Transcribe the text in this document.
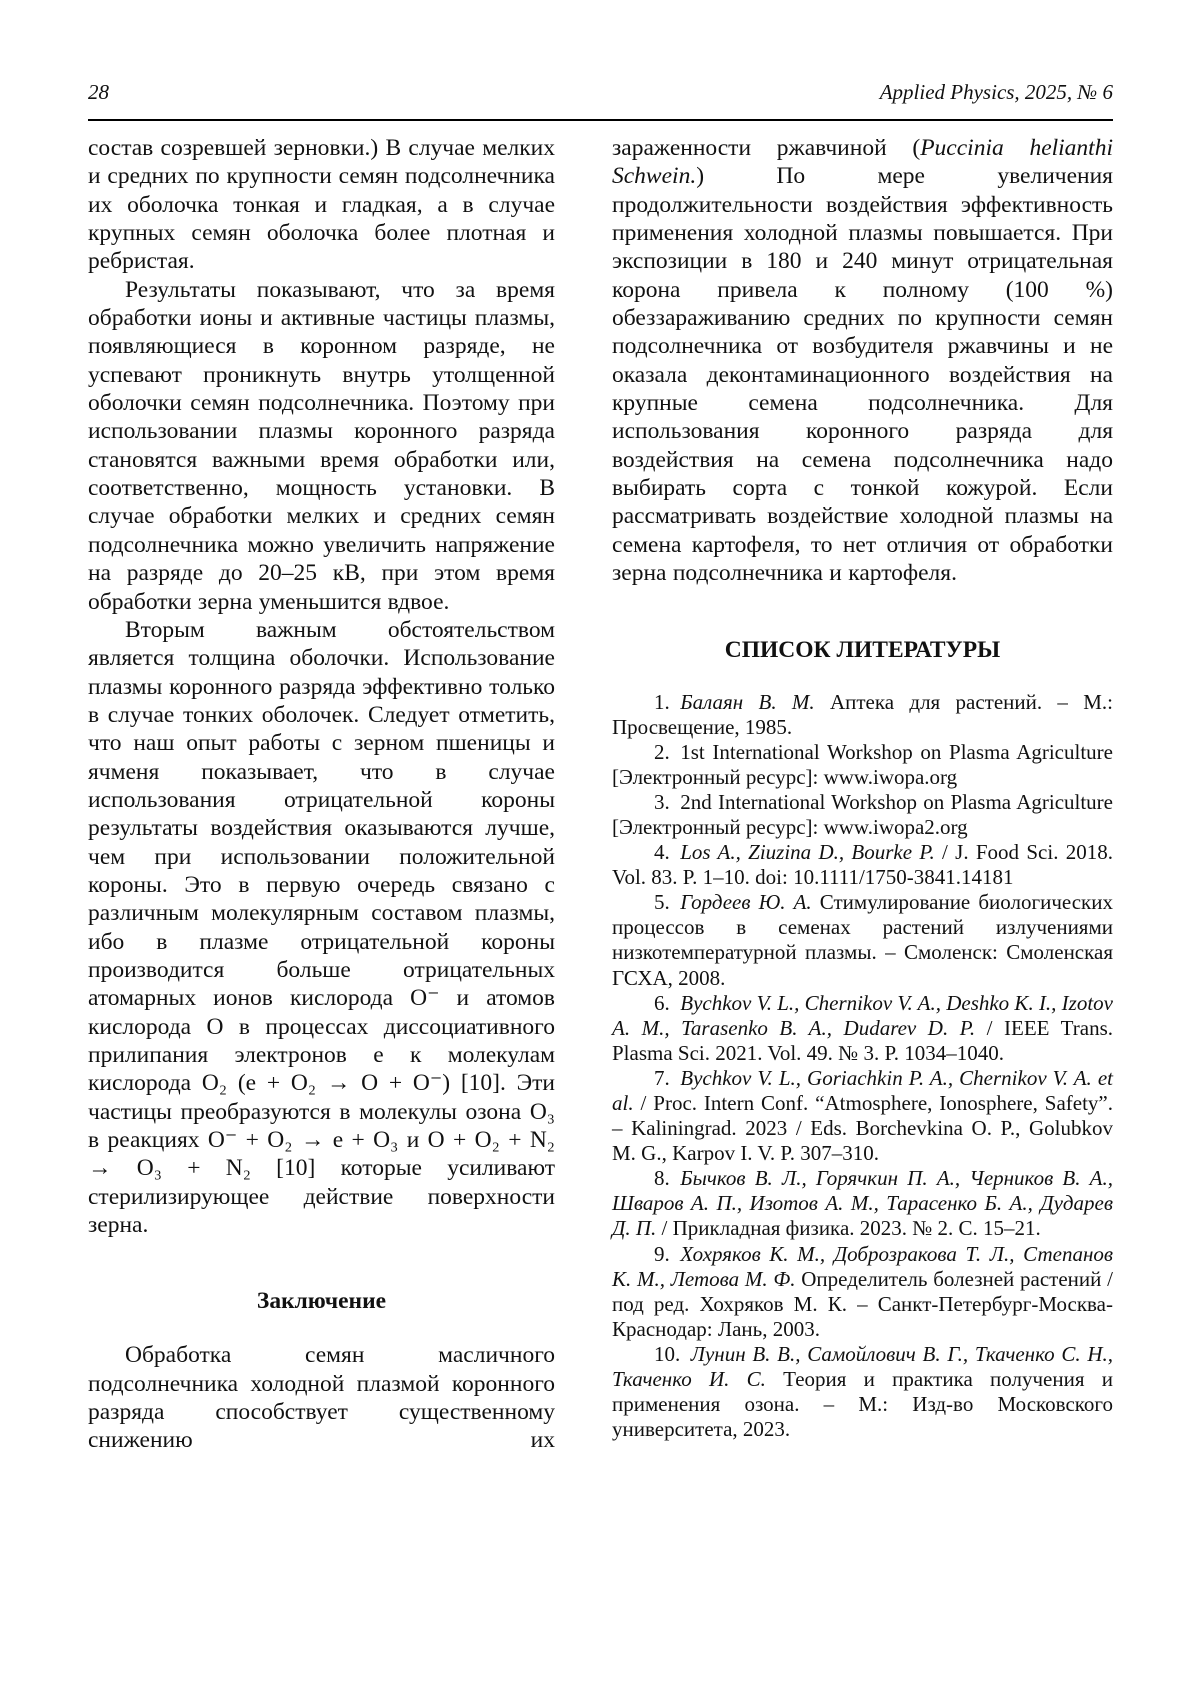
28	Applied Physics, 2025, № 6

состав созревшей зерновки.) В случае мелких и средних по крупности семян подсолнечника их оболочка тонкая и гладкая, а в случае крупных семян оболочка более плотная и ребристая.

Результаты показывают, что за время обработки ионы и активные частицы плазмы, появляющиеся в коронном разряде, не успевают проникнуть внутрь утолщенной оболочки семян подсолнечника. Поэтому при использовании плазмы коронного разряда становятся важными время обработки или, соответственно, мощность установки. В случае обработки мелких и средних семян подсолнечника можно увеличить напряжение на разряде до 20–25 кВ, при этом время обработки зерна уменьшится вдвое.

Вторым важным обстоятельством является толщина оболочки. Использование плазмы коронного разряда эффективно только в случае тонких оболочек. Следует отметить, что наш опыт работы с зерном пшеницы и ячменя показывает, что в случае использования отрицательной короны результаты воздействия оказываются лучше, чем при использовании положительной короны. Это в первую очередь связано с различным молекулярным составом плазмы, ибо в плазме отрицательной короны производится больше отрицательных атомарных ионов кислорода O⁻ и атомов кислорода O в процессах диссоциативного прилипания электронов e к молекулам кислорода O₂ (e + O₂ → O + O⁻) [10]. Эти частицы преобразуются в молекулы озона O₃ в реакциях O⁻ + O₂ → e + O₃ и O + O₂ + N₂ → O₃ + N₂ [10] которые усиливают стерилизирующее действие поверхности зерна.

Заключение

Обработка семян масличного подсолнечника холодной плазмой коронного разряда способствует существенному снижению их

зараженности ржавчиной (Puccinia helianthi Schwein.) По мере увеличения продолжительности воздействия эффективность применения холодной плазмы повышается. При экспозиции в 180 и 240 минут отрицательная корона привела к полному (100 %) обеззараживанию средних по крупности семян подсолнечника от возбудителя ржавчины и не оказала деконтаминационного воздействия на крупные семена подсолнечника. Для использования коронного разряда для воздействия на семена подсолнечника надо выбирать сорта с тонкой кожурой. Если рассматривать воздействие холодной плазмы на семена картофеля, то нет отличия от обработки зерна подсолнечника и картофеля.

СПИСОК ЛИТЕРАТУРЫ

1. Балаян В. М. Аптека для растений. – М.: Просвещение, 1985.

2. 1st International Workshop on Plasma Agriculture [Электронный ресурс]: www.iwopa.org

3. 2nd International Workshop on Plasma Agriculture [Электронный ресурс]: www.iwopa2.org

4. Los A., Ziuzina D., Bourke P. / J. Food Sci. 2018. Vol. 83. P. 1–10. doi: 10.1111/1750-3841.14181

5. Гордеев Ю. А. Стимулирование биологических процессов в семенах растений излучениями низкотемпературной плазмы. – Смоленск: Смоленская ГСХА, 2008.

6. Bychkov V. L., Chernikov V. A., Deshko K. I., Izotov A. M., Tarasenko B. A., Dudarev D. P. / IEEE Trans. Plasma Sci. 2021. Vol. 49. № 3. P. 1034–1040.

7. Bychkov V. L., Goriachkin P. A., Chernikov V. A. et al. / Proc. Intern Conf. “Atmosphere, Ionosphere, Safety”. – Kaliningrad. 2023 / Eds. Borchevkina O. P., Golubkov M. G., Karpov I. V. P. 307–310.

8. Бычков В. Л., Горячкин П. А., Черников В. А., Шваров А. П., Изотов А. М., Тарасенко Б. А., Дударев Д. П. / Прикладная физика. 2023. № 2. С. 15–21.

9. Хохряков К. М., Доброзракова Т. Л., Степанов К. М., Летова М. Ф. Определитель болезней растений / под ред. Хохряков М. К. – Санкт-Петербург-Москва- Краснодар: Лань, 2003.

10. Лунин В. В., Самойлович В. Г., Ткаченко С. Н., Ткаченко И. С. Теория и практика получения и применения озона. – М.: Изд-во Московского университета, 2023.
